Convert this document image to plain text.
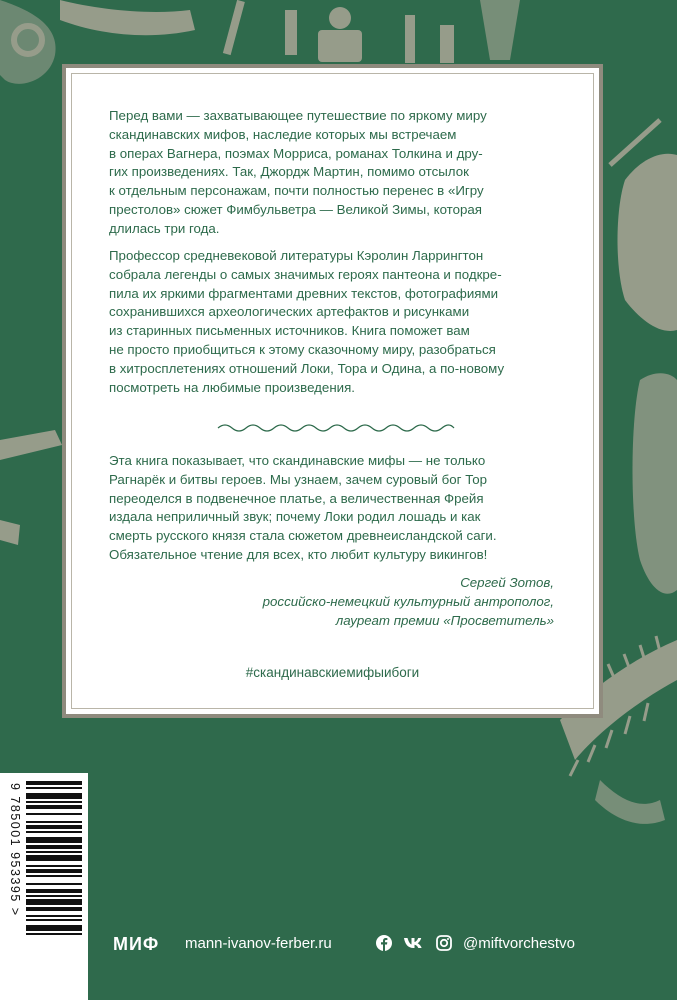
Перед вами — захватывающее путешествие по яркому миру

скандинавских мифов, наследие которых мы встречаем

в операх Вагнера, поэмах Морриса, романах Толкина и дру-

гих произведениях. Так, Джордж Мартин, помимо отсылок

к отдельным персонажам, почти полностью перенес в «Игру

престолов» сюжет Фимбульветра — Великой Зимы, которая

длилась три года.

Профессор средневековой литературы Кэролин Ларрингтон

собрала легенды о самых значимых героях пантеона и подкре-

пила их яркими фрагментами древних текстов, фотографиями

сохранившихся археологических артефактов и рисунками

из старинных письменных источников. Книга поможет вам

не просто приобщиться к этому сказочному миру, разобраться

в хитросплетениях отношений Локи, Тора и Одина, а по-новому

посмотреть на любимые произведения.

Эта книга показывает, что скандинавские мифы — не только

Рагнарёк и битвы героев. Мы узнаем, зачем суровый бог Тор

переоделся в подвенечное платье, а величественная Фрейя

издала неприличный звук; почему Локи родил лошадь и как

смерть русского князя стала сюжетом древнеисландской саги.

Обязательное чтение для всех, кто любит культуру викингов!

Сергей Зотов,
российско-немецкий культурный антрополог,
лауреат премии «Просветитель»
#скандинавскиемифыибоги
9 785001 953395 >
МИФ mann-ivanov-ferber.ru	@miftvorchestvo
